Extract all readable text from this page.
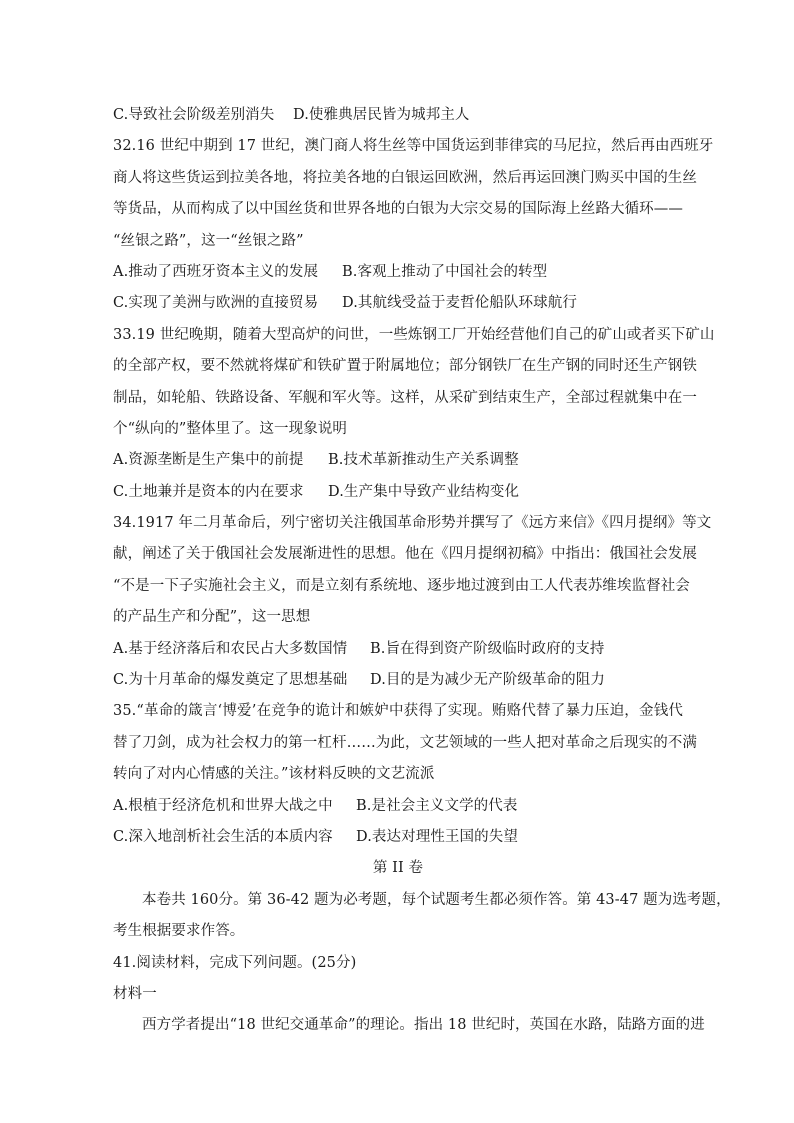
C.导致社会阶级差别消失 D.使雅典居民皆为城邦主人
32.16 世纪中期到 17 世纪，澳门商人将生丝等中国货运到菲律宾的马尼拉，然后再由西班牙
商人将这些货运到拉美各地，将拉美各地的白银运回欧洲，然后再运回澳门购买中国的生丝
等货品，从而构成了以中国丝货和世界各地的白银为大宗交易的国际海上丝路大循环——
“丝银之路”，这一“丝银之路”
A.推动了西班牙资本主义的发展 B.客观上推动了中国社会的转型
C.实现了美洲与欧洲的直接贸易 D.其航线受益于麦哲伦船队环球航行
33.19 世纪晚期，随着大型高炉的问世，一些炼钢工厂开始经营他们自己的矿山或者买下矿山
的全部产权，要不然就将煤矿和铁矿置于附属地位；部分钢铁厂在生产钢的同时还生产钢铁
制品，如轮船、铁路设备、军舰和军火等。这样，从采矿到结束生产，全部过程就集中在一
个“纵向的”整体里了。这一现象说明
A.资源垄断是生产集中的前提 B.技术革新推动生产关系调整
C.土地兼并是资本的内在要求 D.生产集中导致产业结构变化
34.1917 年二月革命后，列宁密切关注俄国革命形势并撰写了《远方来信》《四月提纲》等文
献，阐述了关于俄国社会发展渐进性的思想。他在《四月提纲初稿》中指出：俄国社会发展
“不是一下子实施社会主义，而是立刻有系统地、逐步地过渡到由工人代表苏维埃监督社会
的产品生产和分配”，这一思想
A.基于经济落后和农民占大多数国情 B.旨在得到资产阶级临时政府的支持
C.为十月革命的爆发奠定了思想基础 D.目的是为减少无产阶级革命的阻力
35.“革命的箴言‘博爱’在竞争的诡计和嫉妒中获得了实现。贿赂代替了暴力压迫，金钱代
替了刀剑，成为社会权力的第一杠杆……为此，文艺领域的一些人把对革命之后现实的不满
转向了对内心情感的关注。”该材料反映的文艺流派
A.根植于经济危机和世界大战之中 B.是社会主义文学的代表
C.深入地剖析社会生活的本质内容 D.表达对理性王国的失望
第 II 卷
本卷共 160分。第 36-42 题为必考题，每个试题考生都必须作答。第 43-47 题为选考题，
考生根据要求作答。
41.阅读材料，完成下列问题。(25分)
材料一
西方学者提出“18 世纪交通革命”的理论。指出 18 世纪时，英国在水路，陆路方面的进
